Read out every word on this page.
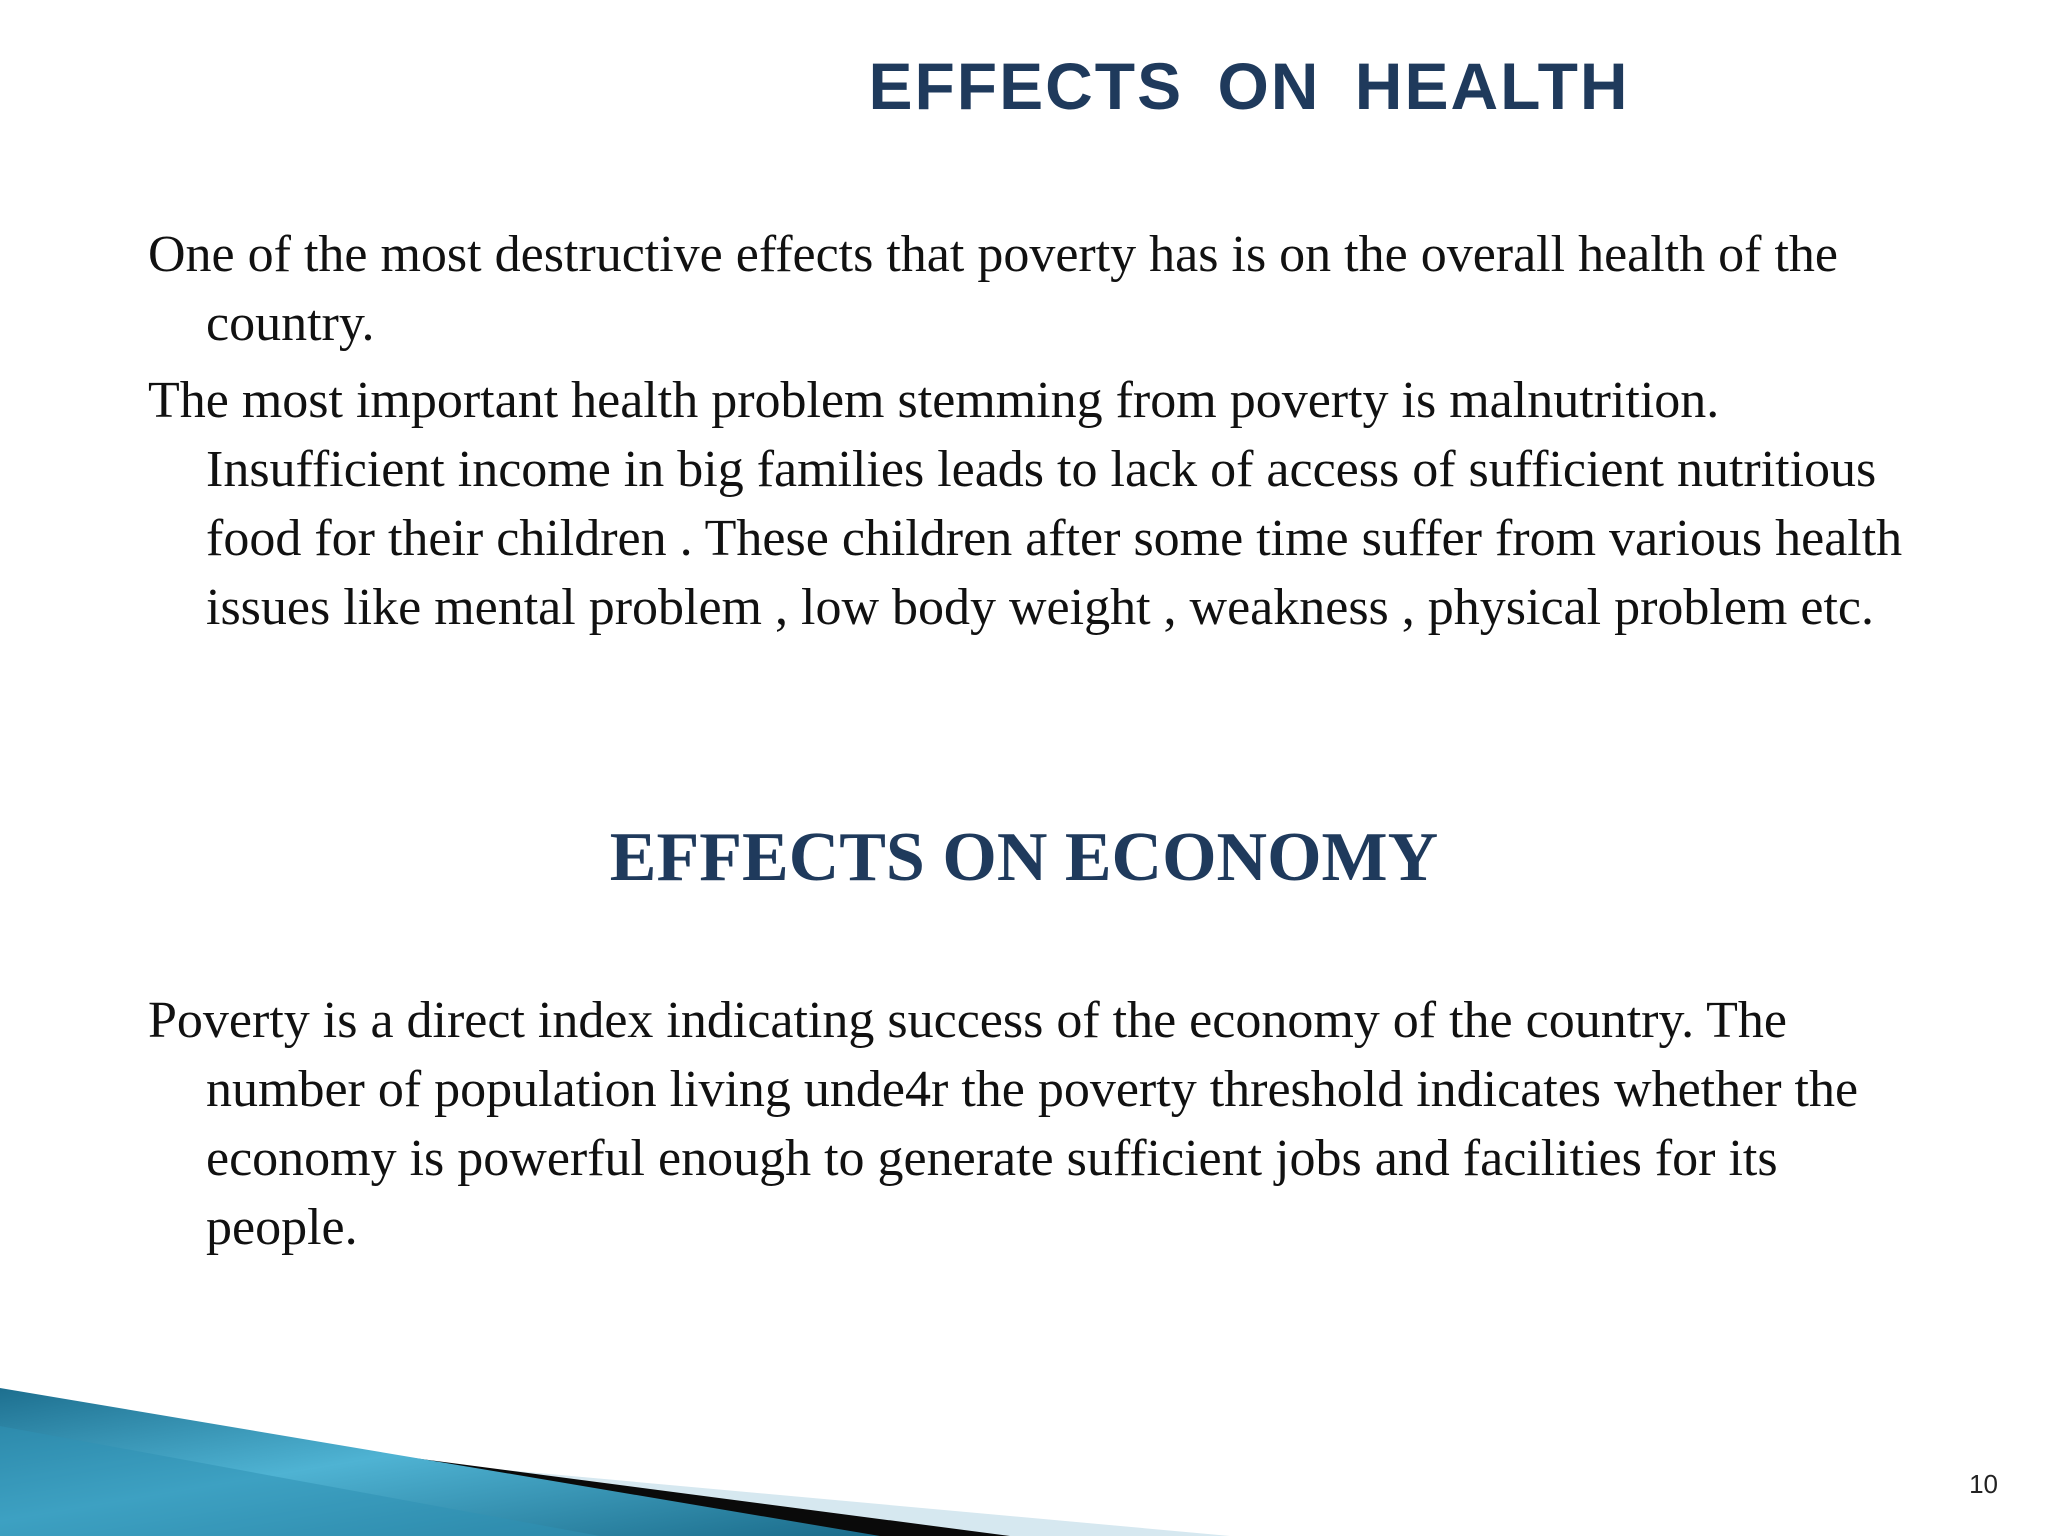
EFFECTS ON HEALTH

One of the most destructive effects that poverty has is on the overall health of the country.

The most important health problem stemming from poverty is malnutrition. Insufficient income in big families leads to lack of access of sufficient nutritious food for their children . These children after some time suffer from various health issues like mental problem , low body weight , weakness , physical problem etc.

EFFECTS ON ECONOMY

Poverty is a direct index indicating success of the economy of the country. The number of population living unde4r the poverty threshold indicates whether the economy is powerful enough to generate sufficient jobs and facilities for its people.

10
